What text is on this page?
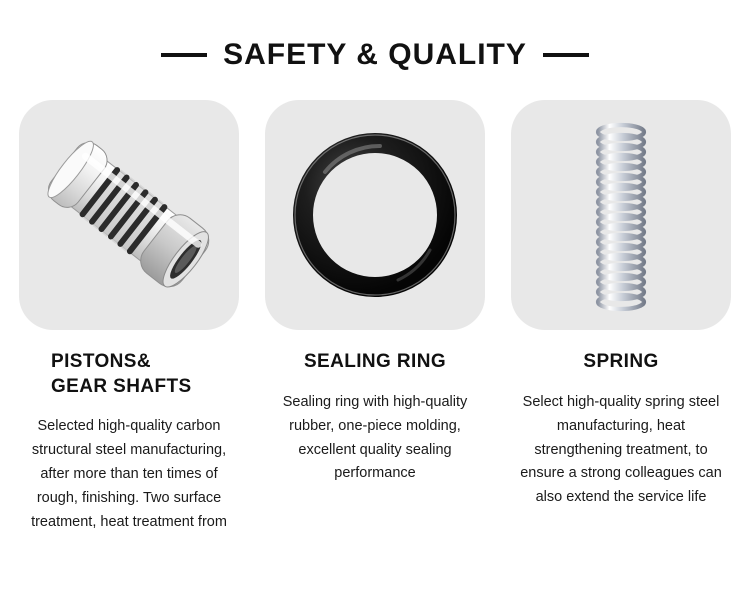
SAFETY & QUALITY
PISTONS&
GEAR SHAFTS
Selected high-quality carbon structural steel manufacturing, after more than ten times of rough, finishing. Two surface treatment, heat treatment from
SEALING RING
Sealing ring with high-quality rubber, one-piece molding, excellent quality sealing performance
SPRING
Select high-quality spring steel manufacturing, heat strengthening treatment, to ensure a strong colleagues can also extend the service life
